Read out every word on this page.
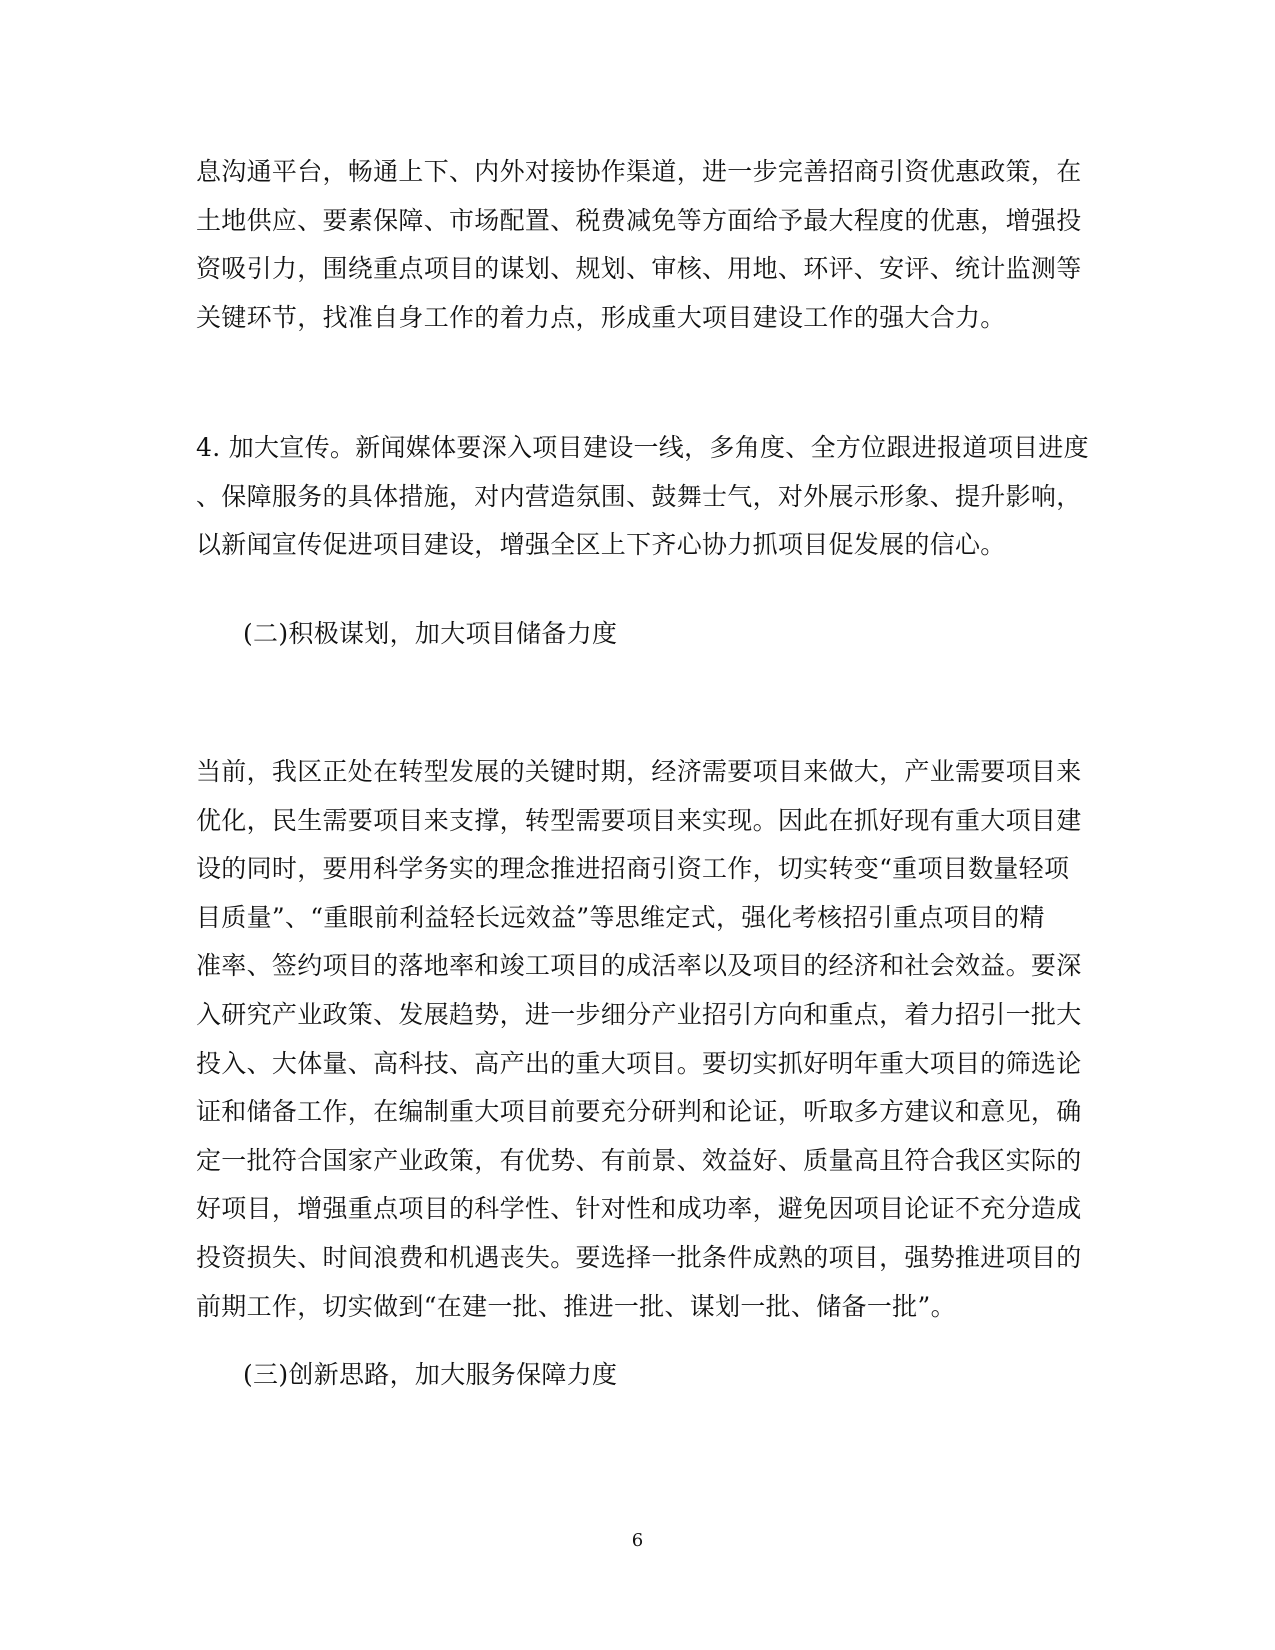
息沟通平台，畅通上下、内外对接协作渠道，进一步完善招商引资优惠政策，在
土地供应、要素保障、市场配置、税费减免等方面给予最大程度的优惠，增强投
资吸引力，围绕重点项目的谋划、规划、审核、用地、环评、安评、统计监测等
关键环节，找准自身工作的着力点，形成重大项目建设工作的强大合力。

4. 加大宣传。新闻媒体要深入项目建设一线，多角度、全方位跟进报道项目进度
、保障服务的具体措施，对内营造氛围、鼓舞士气，对外展示形象、提升影响，
以新闻宣传促进项目建设，增强全区上下齐心协力抓项目促发展的信心。

(二)积极谋划，加大项目储备力度

当前，我区正处在转型发展的关键时期，经济需要项目来做大，产业需要项目来
优化，民生需要项目来支撑，转型需要项目来实现。因此在抓好现有重大项目建
设的同时，要用科学务实的理念推进招商引资工作，切实转变“重项目数量轻项
目质量”、“重眼前利益轻长远效益”等思维定式，强化考核招引重点项目的精
准率、签约项目的落地率和竣工项目的成活率以及项目的经济和社会效益。要深
入研究产业政策、发展趋势，进一步细分产业招引方向和重点，着力招引一批大
投入、大体量、高科技、高产出的重大项目。要切实抓好明年重大项目的筛选论
证和储备工作，在编制重大项目前要充分研判和论证，听取多方建议和意见，确
定一批符合国家产业政策，有优势、有前景、效益好、质量高且符合我区实际的
好项目，增强重点项目的科学性、针对性和成功率，避免因项目论证不充分造成
投资损失、时间浪费和机遇丧失。要选择一批条件成熟的项目，强势推进项目的
前期工作，切实做到“在建一批、推进一批、谋划一批、储备一批”。

(三)创新思路，加大服务保障力度

6
